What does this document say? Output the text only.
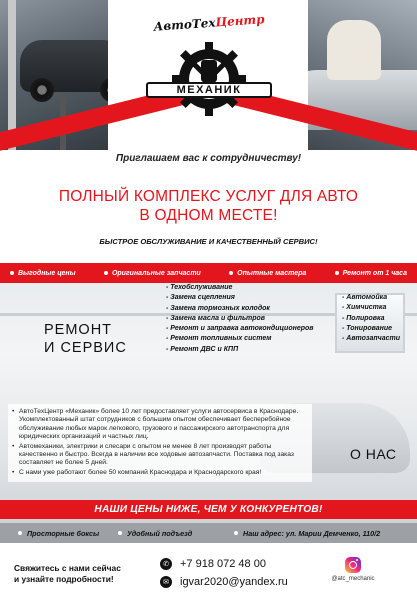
АвтоТехЦентр
МЕХАНИК
Приглашаем вас к сотрудничеству!
ПОЛНЫЙ КОМПЛЕКС УСЛУГ ДЛЯ АВТО
В ОДНОМ МЕСТЕ!
БЫСТРОЕ ОБСЛУЖИВАНИЕ И КАЧЕСТВЕННЫЙ СЕРВИС!
Выгодные цены	Оригинальные запчасти	Опытные мастера	Ремонт от 1 часа
РЕМОНТ
И СЕРВИС
- Техобслуживание
- Замена сцепления
- Замена тормозных колодок
- Замена масла и фильтров
- Ремонт и заправка автокондиционеров
- Ремонт топливных систем
- Ремонт ДВС и КПП
- Автомойка
- Химчистка
- Полировка
- Тонирование
- Автозапчасти
• АвтоТехЦентр «Механик» более 10 лет предоставляет услуги автосервиса в Краснодаре. Укомплектованный штат сотрудников с большим опытом обеспечивает бесперебойное обслуживание любых марок легкового, грузового и пассажирского автотранспорта для юридических организаций и частных лиц.
• Автомеханики, электрики и слесари с опытом не менее 8 лет производят работы качественно и быстро. Всегда в наличии все ходовые автозапчасти. Поставка под заказ составляет не более 5 дней.
• С нами уже работают более 50 компаний Краснодара и Краснодарского края!
О НАС
НАШИ ЦЕНЫ НИЖЕ, ЧЕМ У КОНКУРЕНТОВ!
Просторные боксы	Удобный подъезд	Наш адрес: ул. Марии Демченко, 110/2
Свяжитесь с нами сейчас
и узнайте подробности!
✆ +7 918 072 48 00
✉ igvar2020@yandex.ru	@atc_mechanic
